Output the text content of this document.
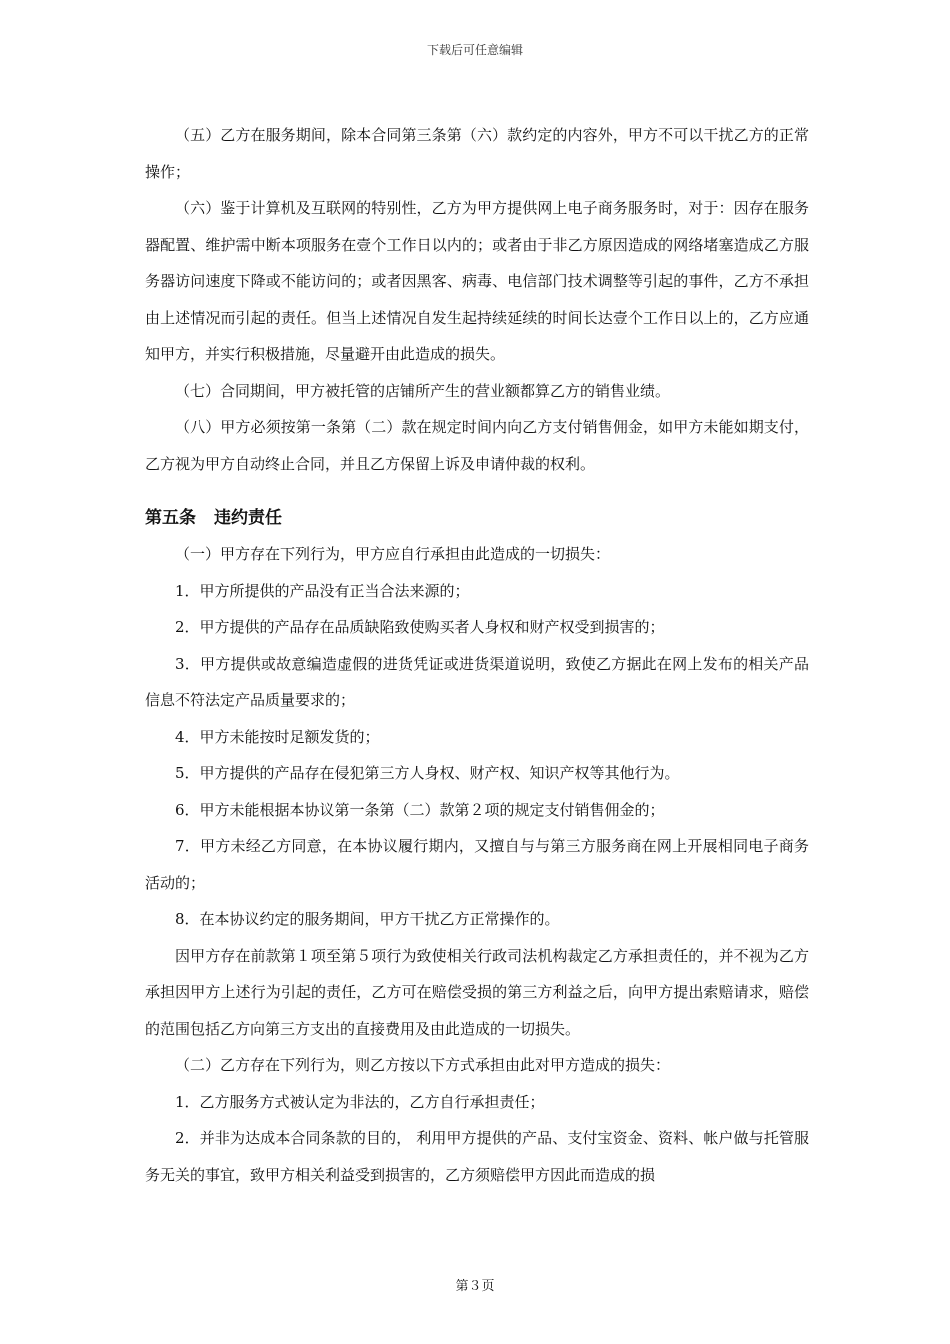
下载后可任意编辑

（五）乙方在服务期间，除本合同第三条第（六）款约定的内容外，甲方不可以干扰乙方的正常操作；

（六）鉴于计算机及互联网的特别性，乙方为甲方提供网上电子商务服务时，对于：因存在服务器配置、维护需中断本项服务在壹个工作日以内的；或者由于非乙方原因造成的网络堵塞造成乙方服务器访问速度下降或不能访问的；或者因黑客、病毒、电信部门技术调整等引起的事件，乙方不承担由上述情况而引起的责任。但当上述情况自发生起持续延续的时间长达壹个工作日以上的，乙方应通知甲方，并实行积极措施，尽量避开由此造成的损失。

（七）合同期间，甲方被托管的店铺所产生的营业额都算乙方的销售业绩。

（八）甲方必须按第一条第（二）款在规定时间内向乙方支付销售佣金，如甲方未能如期支付，乙方视为甲方自动终止合同，并且乙方保留上诉及申请仲裁的权利。

第五条 违约责任

（一）甲方存在下列行为，甲方应自行承担由此造成的一切损失：

1．甲方所提供的产品没有正当合法来源的；

2．甲方提供的产品存在品质缺陷致使购买者人身权和财产权受到损害的；

3．甲方提供或故意编造虚假的进货凭证或进货渠道说明，致使乙方据此在网上发布的相关产品信息不符法定产品质量要求的；

4．甲方未能按时足额发货的；

5．甲方提供的产品存在侵犯第三方人身权、财产权、知识产权等其他行为。

6．甲方未能根据本协议第一条第（二）款第２项的规定支付销售佣金的；

7．甲方未经乙方同意，在本协议履行期内，又擅自与与第三方服务商在网上开展相同电子商务活动的；

8．在本协议约定的服务期间，甲方干扰乙方正常操作的。

因甲方存在前款第１项至第５项行为致使相关行政司法机构裁定乙方承担责任的，并不视为乙方承担因甲方上述行为引起的责任，乙方可在赔偿受损的第三方利益之后，向甲方提出索赔请求，赔偿的范围包括乙方向第三方支出的直接费用及由此造成的一切损失。

（二）乙方存在下列行为，则乙方按以下方式承担由此对甲方造成的损失：

1．乙方服务方式被认定为非法的，乙方自行承担责任；

2．并非为达成本合同条款的目的， 利用甲方提供的产品、支付宝资金、资料、帐户做与托管服务无关的事宜，致甲方相关利益受到损害的，乙方须赔偿甲方因此而造成的损

第３页
